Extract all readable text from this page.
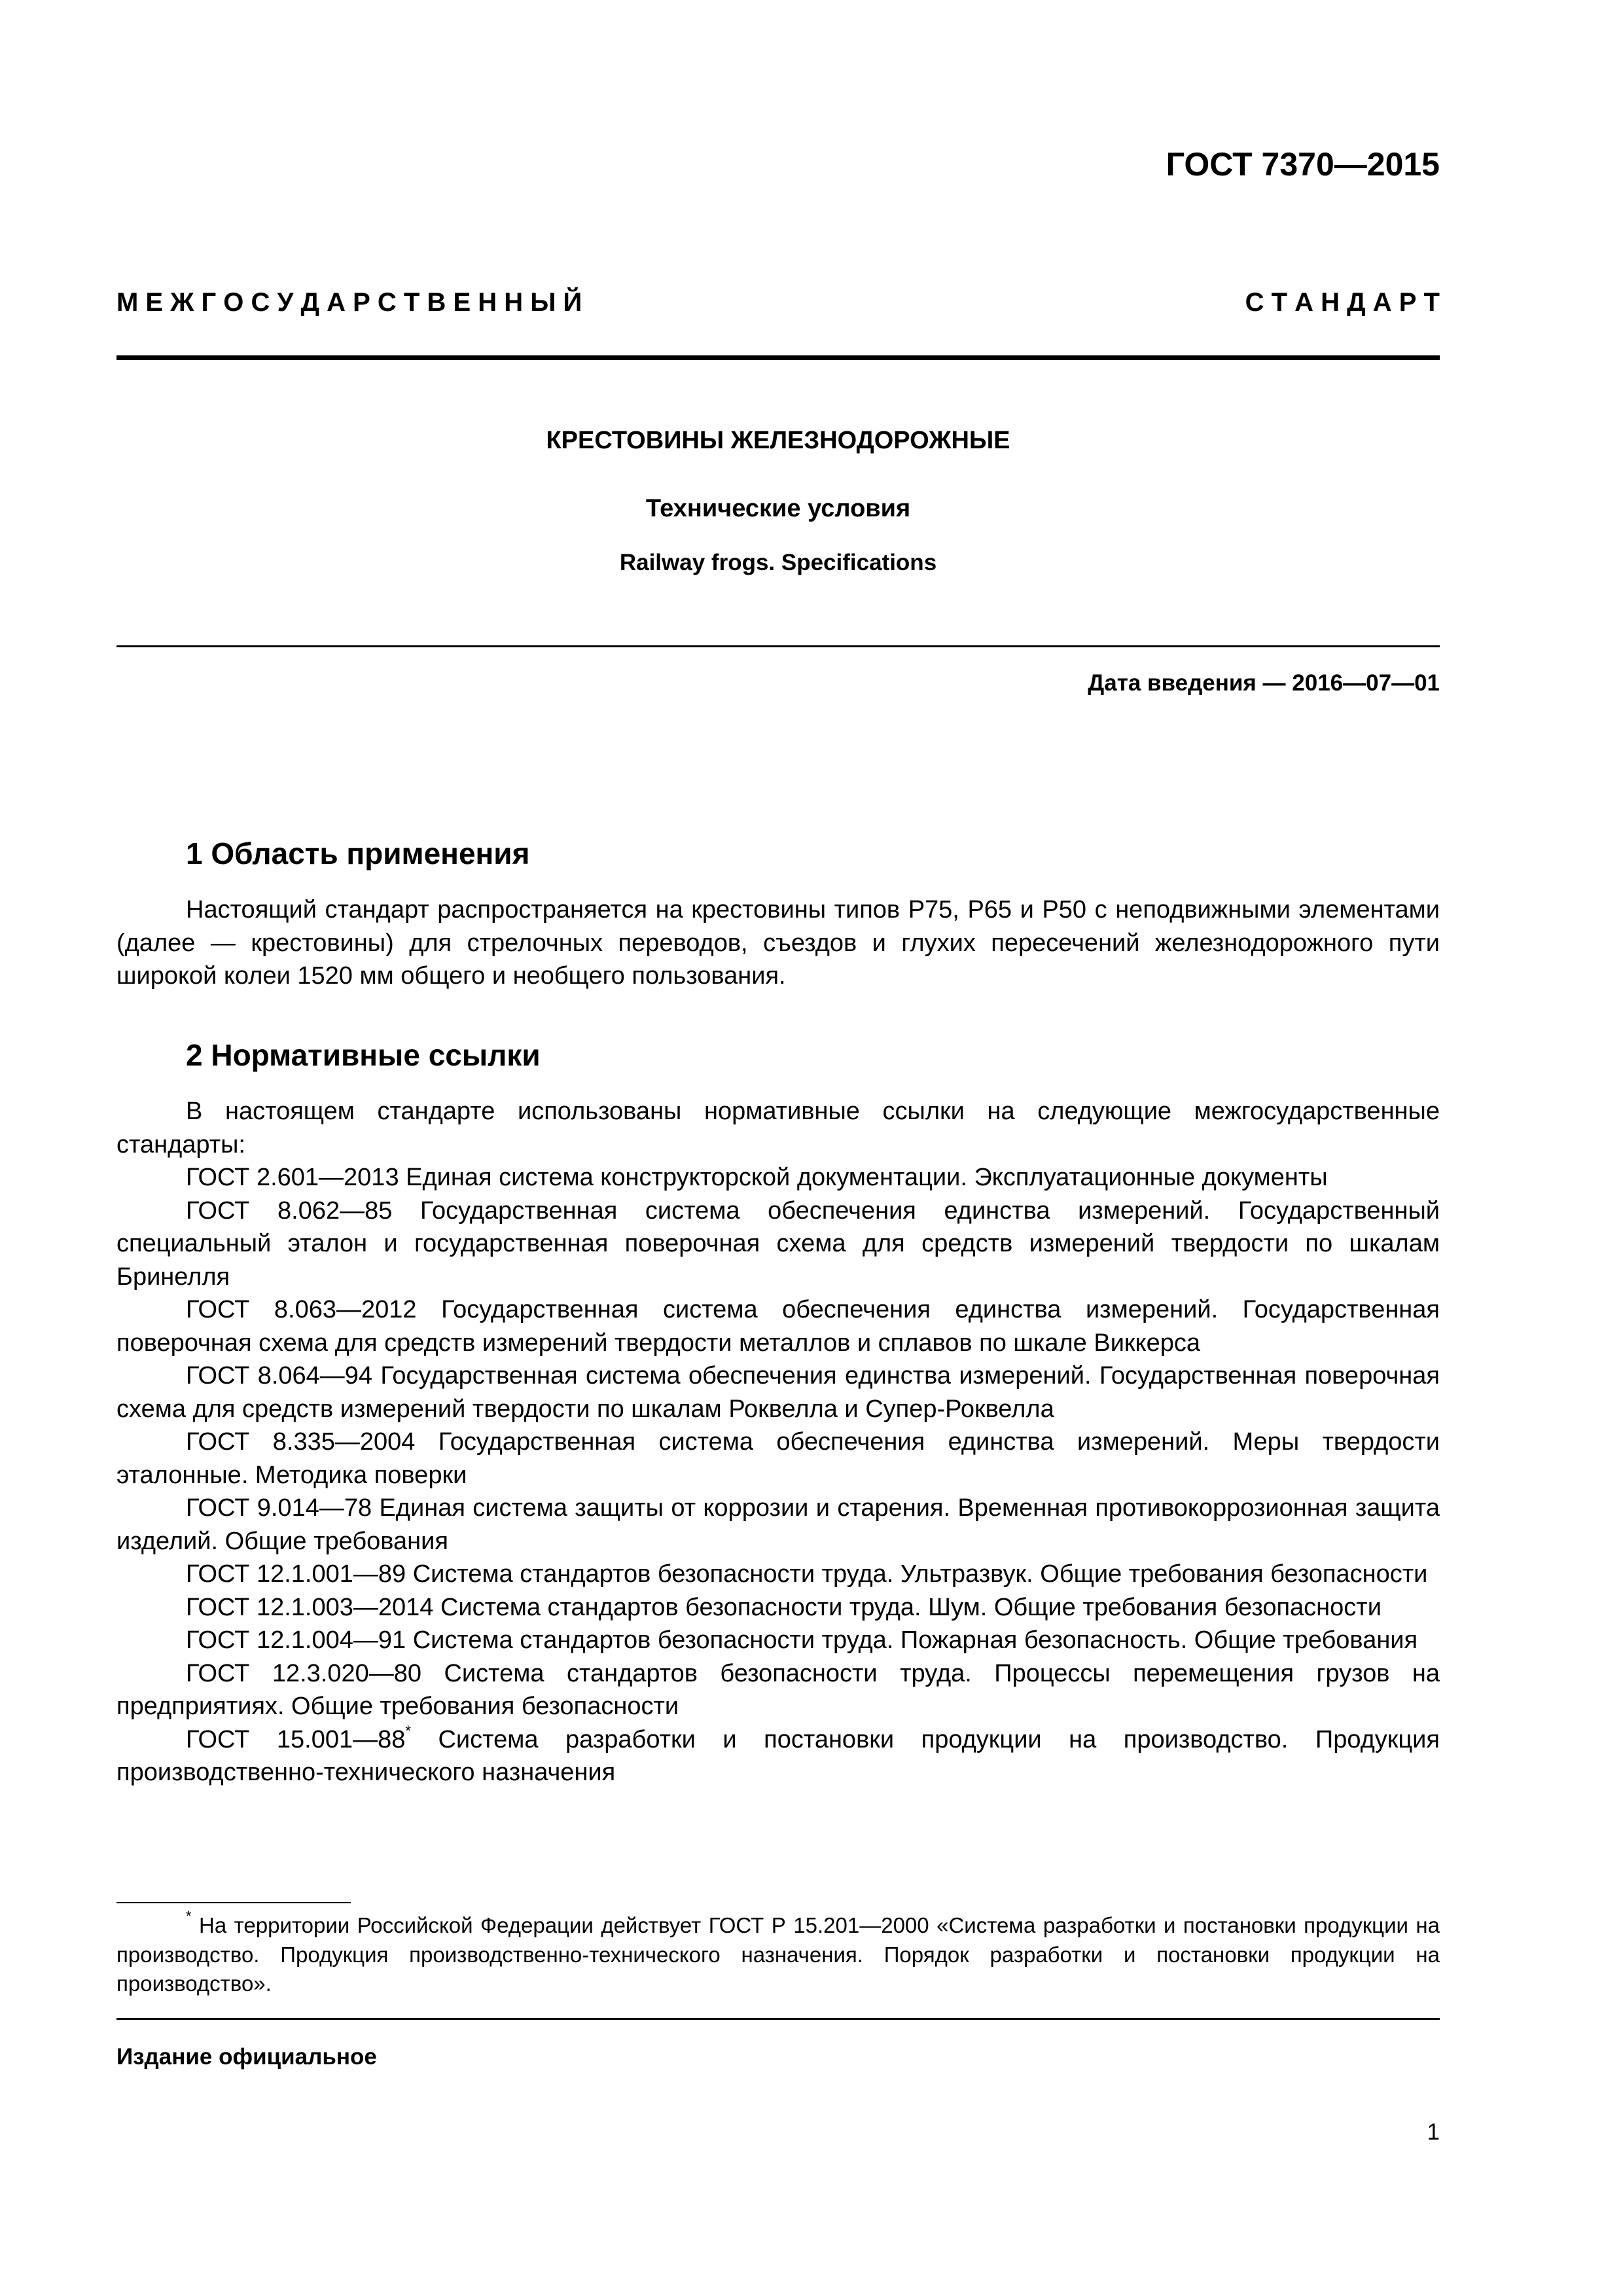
ГОСТ 7370—2015
М Е Ж Г О С У Д А Р С Т В Е Н Н Ы Й	С Т А Н Д А Р Т
КРЕСТОВИНЫ ЖЕЛЕЗНОДОРОЖНЫЕ
Технические условия
Railway frogs. Specifications
Дата введения — 2016—07—01
1 Область применения

Настоящий стандарт распространяется на крестовины типов Р75, Р65 и Р50 с неподвижными элементами (далее — крестовины) для стрелочных переводов, съездов и глухих пересечений железнодорожного пути широкой колеи 1520 мм общего и необщего пользования.

2 Нормативные ссылки

В настоящем стандарте использованы нормативные ссылки на следующие межгосударственные стандарты:

ГОСТ 2.601—2013 Единая система конструкторской документации. Эксплуатационные документы

ГОСТ 8.062—85 Государственная система обеспечения единства измерений. Государственный специальный эталон и государственная поверочная схема для средств измерений твердости по шкалам Бринелля

ГОСТ 8.063—2012 Государственная система обеспечения единства измерений. Государственная поверочная схема для средств измерений твердости металлов и сплавов по шкале Виккерса

ГОСТ 8.064—94 Государственная система обеспечения единства измерений. Государственная поверочная схема для средств измерений твердости по шкалам Роквелла и Супер-Роквелла

ГОСТ 8.335—2004 Государственная система обеспечения единства измерений. Меры твердости эталонные. Методика поверки

ГОСТ 9.014—78 Единая система защиты от коррозии и старения. Временная противокоррозионная защита изделий. Общие требования

ГОСТ 12.1.001—89 Система стандартов безопасности труда. Ультразвук. Общие требования безопасности

ГОСТ 12.1.003—2014 Система стандартов безопасности труда. Шум. Общие требования безопасности

ГОСТ 12.1.004—91 Система стандартов безопасности труда. Пожарная безопасность. Общие требования

ГОСТ 12.3.020—80 Система стандартов безопасности труда. Процессы перемещения грузов на предприятиях. Общие требования безопасности

ГОСТ 15.001—88* Система разработки и постановки продукции на производство. Продукция производственно-технического назначения

* На территории Российской Федерации действует ГОСТ Р 15.201—2000 «Система разработки и постановки продукции на производство. Продукция производственно-технического назначения. Порядок разработки и постановки продукции на производство».

Издание официальное
1
